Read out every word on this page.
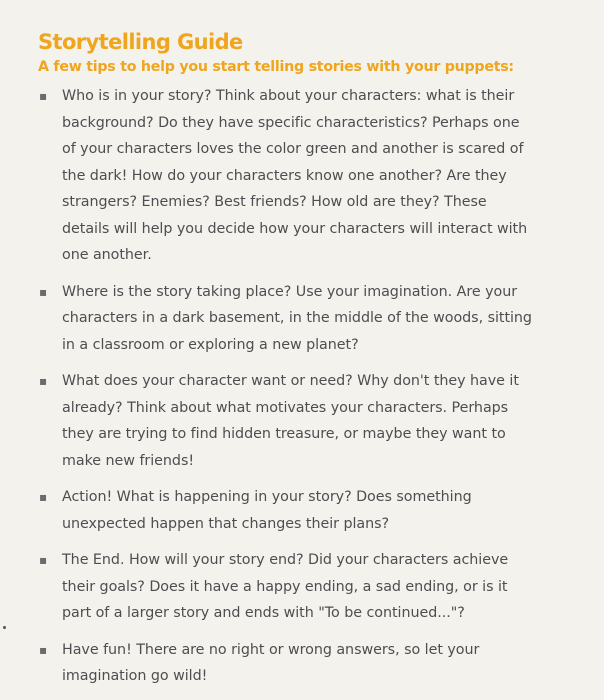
Storytelling Guide

A few tips to help you start telling stories with your puppets:

▪ Who is in your story? Think about your characters: what is their background? Do they have specific characteristics? Perhaps one of your characters loves the color green and another is scared of the dark! How do your characters know one another? Are they strangers? Enemies? Best friends? How old are they? These details will help you decide how your characters will interact with one another.
▪ Where is the story taking place? Use your imagination. Are your characters in a dark basement, in the middle of the woods, sitting in a classroom or exploring a new planet?
▪ What does your character want or need? Why don't they have it already? Think about what motivates your characters. Perhaps they are trying to find hidden treasure, or maybe they want to make new friends!
▪ Action! What is happening in your story? Does something unexpected happen that changes their plans?
▪ The End. How will your story end? Did your characters achieve their goals? Does it have a happy ending, a sad ending, or is it part of a larger story and ends with "To be continued..."?
▪ Have fun! There are no right or wrong answers, so let your imagination go wild!
